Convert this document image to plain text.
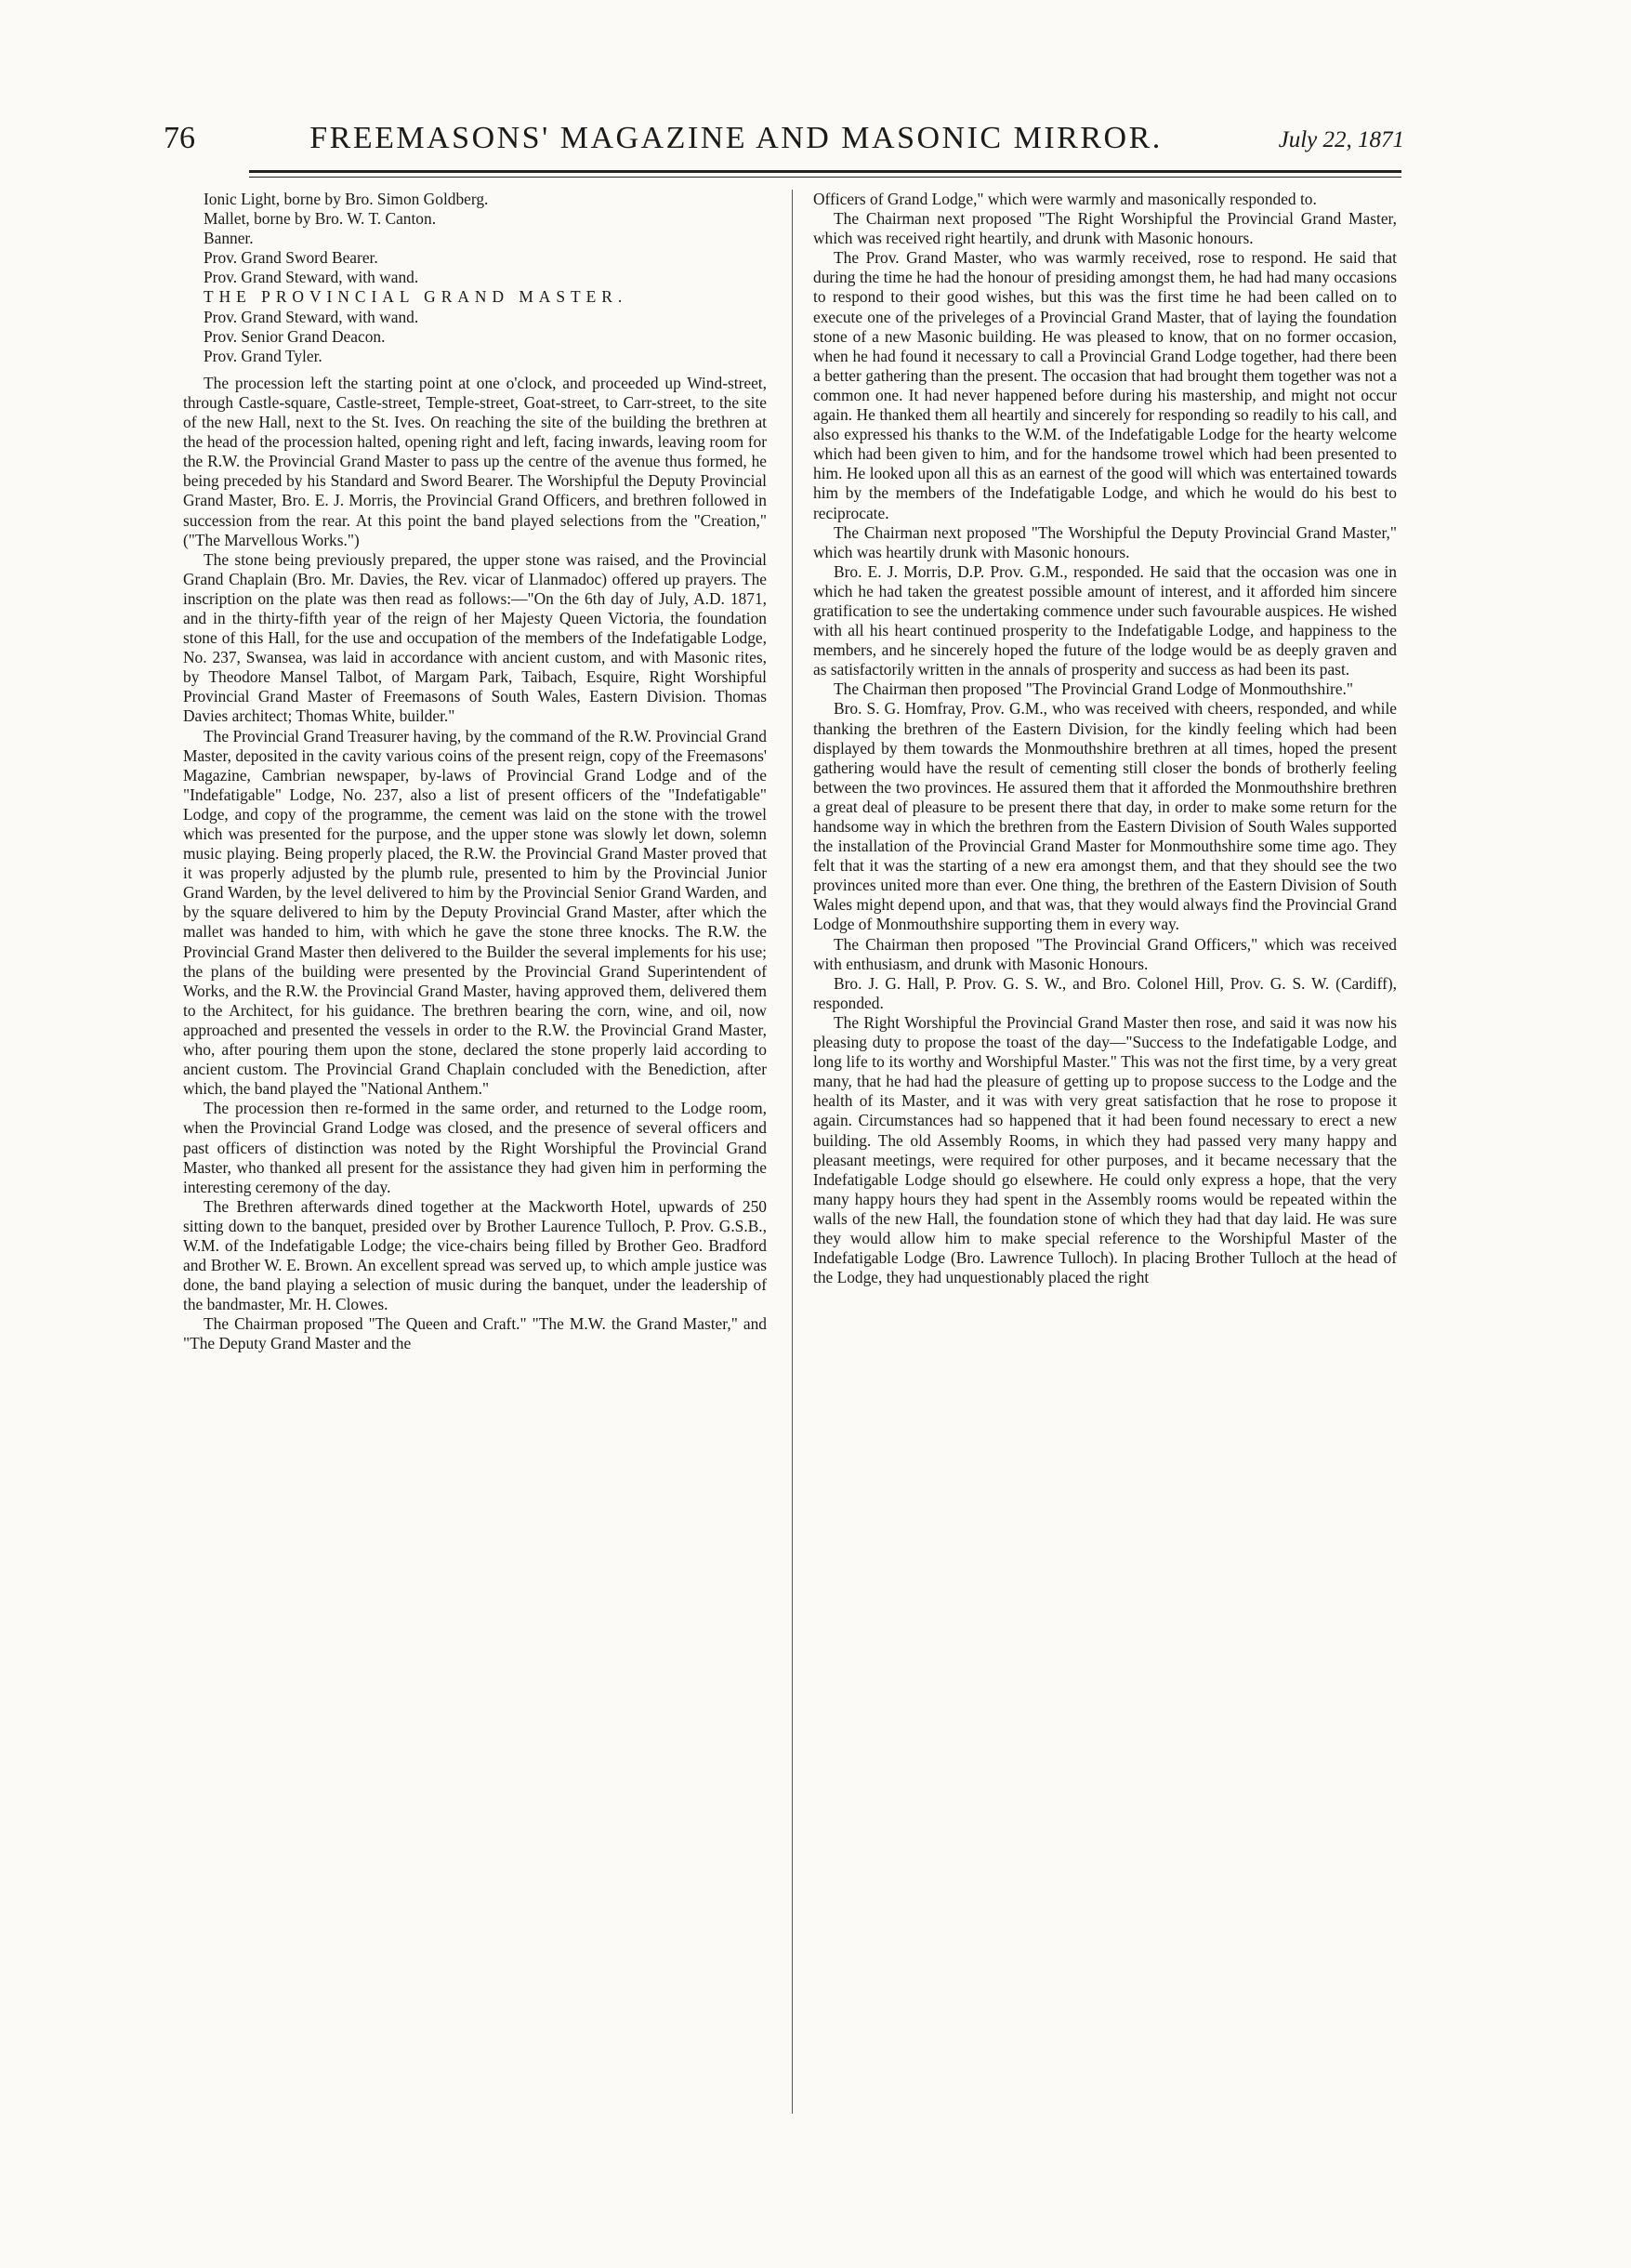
76	FREEMASONS' MAGAZINE AND MASONIC MIRROR.	July 22, 1871

Ionic Light, borne by Bro. Simon Goldberg.

Mallet, borne by Bro. W. T. Canton.

Banner.

Prov. Grand Sword Bearer.

Prov. Grand Steward, with wand.

THE PROVINCIAL GRAND MASTER.

Prov. Grand Steward, with wand.

Prov. Senior Grand Deacon.

Prov. Grand Tyler.

The procession left the starting point at one o'clock, and proceeded up Wind-street, through Castle-square, Castle-street, Temple-street, Goat-street, to Carr-street, to the site of the new Hall, next to the St. Ives. On reaching the site of the building the brethren at the head of the procession halted, opening right and left, facing inwards, leaving room for the R.W. the Provincial Grand Master to pass up the centre of the avenue thus formed, he being preceded by his Standard and Sword Bearer. The Worshipful the Deputy Provincial Grand Master, Bro. E. J. Morris, the Provincial Grand Officers, and brethren followed in succession from the rear. At this point the band played selections from the "Creation," ("The Marvellous Works.")

The stone being previously prepared, the upper stone was raised, and the Provincial Grand Chaplain (Bro. Mr. Davies, the Rev. vicar of Llanmadoc) offered up prayers. The inscription on the plate was then read as follows:—"On the 6th day of July, A.D. 1871, and in the thirty-fifth year of the reign of her Majesty Queen Victoria, the foundation stone of this Hall, for the use and occupation of the members of the Indefatigable Lodge, No. 237, Swansea, was laid in accordance with ancient custom, and with Masonic rites, by Theodore Mansel Talbot, of Margam Park, Taibach, Esquire, Right Worshipful Provincial Grand Master of Freemasons of South Wales, Eastern Division. Thomas Davies architect; Thomas White, builder."

The Provincial Grand Treasurer having, by the command of the R.W. Provincial Grand Master, deposited in the cavity various coins of the present reign, copy of the Freemasons' Magazine, Cambrian newspaper, by-laws of Provincial Grand Lodge and of the "Indefatigable" Lodge, No. 237, also a list of present officers of the "Indefatigable" Lodge, and copy of the programme, the cement was laid on the stone with the trowel which was presented for the purpose, and the upper stone was slowly let down, solemn music playing. Being properly placed, the R.W. the Provincial Grand Master proved that it was properly adjusted by the plumb rule, presented to him by the Provincial Junior Grand Warden, by the level delivered to him by the Provincial Senior Grand Warden, and by the square delivered to him by the Deputy Provincial Grand Master, after which the mallet was handed to him, with which he gave the stone three knocks. The R.W. the Provincial Grand Master then delivered to the Builder the several implements for his use; the plans of the building were presented by the Provincial Grand Superintendent of Works, and the R.W. the Provincial Grand Master, having approved them, delivered them to the Architect, for his guidance. The brethren bearing the corn, wine, and oil, now approached and presented the vessels in order to the R.W. the Provincial Grand Master, who, after pouring them upon the stone, declared the stone properly laid according to ancient custom. The Provincial Grand Chaplain concluded with the Benediction, after which, the band played the "National Anthem."

The procession then re-formed in the same order, and returned to the Lodge room, when the Provincial Grand Lodge was closed, and the presence of several officers and past officers of distinction was noted by the Right Worshipful the Provincial Grand Master, who thanked all present for the assistance they had given him in performing the interesting ceremony of the day.

The Brethren afterwards dined together at the Mackworth Hotel, upwards of 250 sitting down to the banquet, presided over by Brother Laurence Tulloch, P. Prov. G.S.B., W.M. of the Indefatigable Lodge; the vice-chairs being filled by Brother Geo. Bradford and Brother W. E. Brown. An excellent spread was served up, to which ample justice was done, the band playing a selection of music during the banquet, under the leadership of the bandmaster, Mr. H. Clowes.

The Chairman proposed "The Queen and Craft." "The M.W. the Grand Master," and "The Deputy Grand Master and the

Officers of Grand Lodge," which were warmly and masonically responded to.

The Chairman next proposed "The Right Worshipful the Provincial Grand Master, which was received right heartily, and drunk with Masonic honours.

The Prov. Grand Master, who was warmly received, rose to respond. He said that during the time he had the honour of presiding amongst them, he had had many occasions to respond to their good wishes, but this was the first time he had been called on to execute one of the priveleges of a Provincial Grand Master, that of laying the foundation stone of a new Masonic building. He was pleased to know, that on no former occasion, when he had found it necessary to call a Provincial Grand Lodge together, had there been a better gathering than the present. The occasion that had brought them together was not a common one. It had never happened before during his mastership, and might not occur again. He thanked them all heartily and sincerely for responding so readily to his call, and also expressed his thanks to the W.M. of the Indefatigable Lodge for the hearty welcome which had been given to him, and for the handsome trowel which had been presented to him. He looked upon all this as an earnest of the good will which was entertained towards him by the members of the Indefatigable Lodge, and which he would do his best to reciprocate.

The Chairman next proposed "The Worshipful the Deputy Provincial Grand Master," which was heartily drunk with Masonic honours.

Bro. E. J. Morris, D.P. Prov. G.M., responded. He said that the occasion was one in which he had taken the greatest possible amount of interest, and it afforded him sincere gratification to see the undertaking commence under such favourable auspices. He wished with all his heart continued prosperity to the Indefatigable Lodge, and happiness to the members, and he sincerely hoped the future of the lodge would be as deeply graven and as satisfactorily written in the annals of prosperity and success as had been its past.

The Chairman then proposed "The Provincial Grand Lodge of Monmouthshire."

Bro. S. G. Homfray, Prov. G.M., who was received with cheers, responded, and while thanking the brethren of the Eastern Division, for the kindly feeling which had been displayed by them towards the Monmouthshire brethren at all times, hoped the present gathering would have the result of cementing still closer the bonds of brotherly feeling between the two provinces. He assured them that it afforded the Monmouthshire brethren a great deal of pleasure to be present there that day, in order to make some return for the handsome way in which the brethren from the Eastern Division of South Wales supported the installation of the Provincial Grand Master for Monmouthshire some time ago. They felt that it was the starting of a new era amongst them, and that they should see the two provinces united more than ever. One thing, the brethren of the Eastern Division of South Wales might depend upon, and that was, that they would always find the Provincial Grand Lodge of Monmouthshire supporting them in every way.

The Chairman then proposed "The Provincial Grand Officers," which was received with enthusiasm, and drunk with Masonic Honours.

Bro. J. G. Hall, P. Prov. G. S. W., and Bro. Colonel Hill, Prov. G. S. W. (Cardiff), responded.

The Right Worshipful the Provincial Grand Master then rose, and said it was now his pleasing duty to propose the toast of the day—"Success to the Indefatigable Lodge, and long life to its worthy and Worshipful Master." This was not the first time, by a very great many, that he had had the pleasure of getting up to propose success to the Lodge and the health of its Master, and it was with very great satisfaction that he rose to propose it again. Circumstances had so happened that it had been found necessary to erect a new building. The old Assembly Rooms, in which they had passed very many happy and pleasant meetings, were required for other purposes, and it became necessary that the Indefatigable Lodge should go elsewhere. He could only express a hope, that the very many happy hours they had spent in the Assembly rooms would be repeated within the walls of the new Hall, the foundation stone of which they had that day laid. He was sure they would allow him to make special reference to the Worshipful Master of the Indefatigable Lodge (Bro. Lawrence Tulloch). In placing Brother Tulloch at the head of the Lodge, they had unquestionably placed the right
